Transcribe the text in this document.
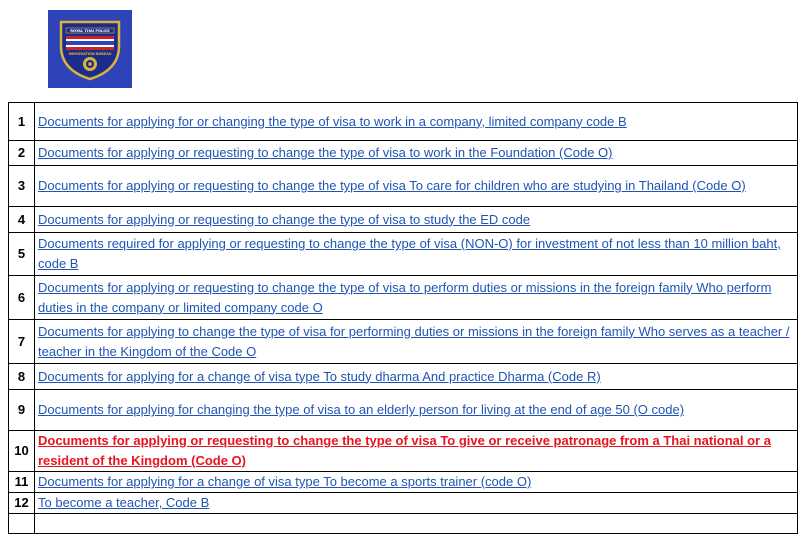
ROYAL THAI POLICE
IMMIGRATION BUREAU
1	Documents for applying for or changing the type of visa to work in a company, limited company code B
2	Documents for applying or requesting to change the type of visa to work in the Foundation (Code O)
3	Documents for applying or requesting to change the type of visa To care for children who are studying in Thailand (Code O)
4	Documents for applying or requesting to change the type of visa to study the ED code
5	Documents required for applying or requesting to change the type of visa (NON-O) for investment of not less than 10 million baht, code B
6	Documents for applying or requesting to change the type of visa to perform duties or missions in the foreign family Who perform duties in the company or limited company code O
7	Documents for applying to change the type of visa for performing duties or missions in the foreign family Who serves as a teacher / teacher in the Kingdom of the Code O
8	Documents for applying for a change of visa type To study dharma And practice Dharma (Code R)
9	Documents for applying for changing the type of visa to an elderly person for living at the end of age 50 (O code)
10	Documents for applying or requesting to change the type of visa To give or receive patronage from a Thai national or a resident of the Kingdom (Code O)
11	Documents for applying for a change of visa type To become a sports trainer (code O)
12	To become a teacher, Code B
